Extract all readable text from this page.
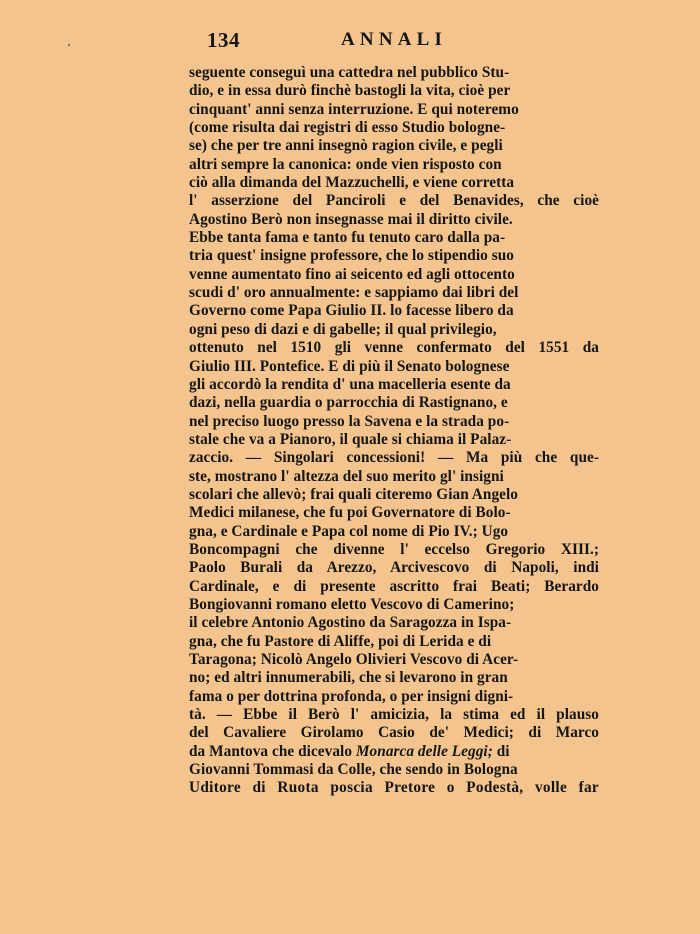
134	ANNALI
seguente conseguì una cattedra nel pubblico Stu-
dio, e in essa durò finchè bastogli la vita, cioè per
cinquant' anni senza interruzione. E qui noteremo
(come risulta dai registri di esso Studio bologne-
se) che per tre anni insegnò ragion civile, e pegli
altri sempre la canonica: onde vien risposto con
ciò alla dimanda del Mazzuchelli, e viene corretta
l' asserzione del Panciroli e del Benavides, che cioè
Agostino Berò non insegnasse mai il diritto civile.
Ebbe tanta fama e tanto fu tenuto caro dalla pa-
tria quest' insigne professore, che lo stipendio suo
venne aumentato fino ai seicento ed agli ottocento
scudi d' oro annualmente: e sappiamo dai libri del
Governo come Papa Giulio II. lo facesse libero da
ogni peso di dazi e di gabelle; il qual privilegio,
ottenuto nel 1510 gli venne confermato del 1551 da
Giulio III. Pontefice. E di più il Senato bolognese
gli accordò la rendita d' una macelleria esente da
dazi, nella guardia o parrocchia di Rastignano, e
nel preciso luogo presso la Savena e la strada po-
stale che va a Pianoro, il quale si chiama il Palaz-
zaccio. — Singolari concessioni! — Ma più che que-
ste, mostrano l' altezza del suo merito gl' insigni
scolari che allevò; frai quali citeremo Gian Angelo
Medici milanese, che fu poi Governatore di Bolo-
gna, e Cardinale e Papa col nome di Pio IV.; Ugo
Boncompagni che divenne l' eccelso Gregorio XIII.;
Paolo Burali da Arezzo, Arcivescovo di Napoli, indi
Cardinale, e di presente ascritto frai Beati; Berardo
Bongiovanni romano eletto Vescovo di Camerino;
il celebre Antonio Agostino da Saragozza in Ispa-
gna, che fu Pastore di Aliffe, poi di Lerida e di
Taragona; Nicolò Angelo Olivieri Vescovo di Acer-
no; ed altri innumerabili, che si levarono in gran
fama o per dottrina profonda, o per insigni digni-
tà. — Ebbe il Berò l' amicizia, la stima ed il plauso
del Cavaliere Girolamo Casio de' Medici; di Marco
da Mantova che dicevalo Monarca delle Leggi; di
Giovanni Tommasi da Colle, che sendo in Bologna
Uditore di Ruota poscia Pretore o Podestà, volle far
